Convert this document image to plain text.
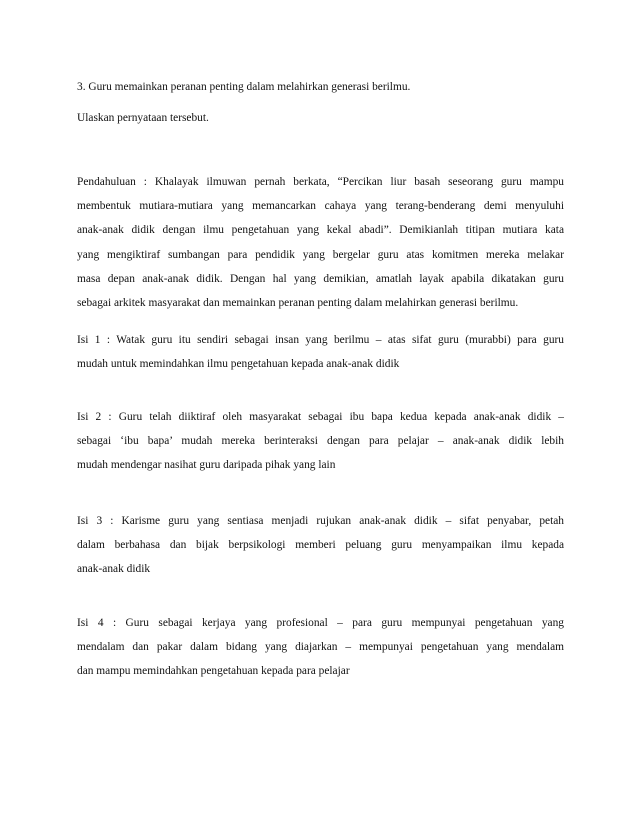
3. Guru memainkan peranan penting dalam melahirkan generasi berilmu.

Ulaskan pernyataan tersebut.

Pendahuluan : Khalayak ilmuwan pernah berkata, “Percikan liur basah seseorang guru mampu
membentuk mutiara-mutiara yang memancarkan cahaya yang terang-benderang demi menyuluhi
anak-anak didik dengan ilmu pengetahuan yang kekal abadi”. Demikianlah titipan mutiara kata
yang mengiktiraf sumbangan para pendidik yang bergelar guru atas komitmen mereka melakar
masa depan anak-anak didik. Dengan hal yang demikian, amatlah layak apabila dikatakan guru
sebagai arkitek masyarakat dan memainkan peranan penting dalam melahirkan generasi berilmu.
Isi 1 : Watak guru itu sendiri sebagai insan yang berilmu – atas sifat guru (murabbi) para guru
mudah untuk memindahkan ilmu pengetahuan kepada anak-anak didik
Isi 2 : Guru telah diiktiraf oleh masyarakat sebagai ibu bapa kedua kepada anak-anak didik –
sebagai ‘ibu bapa’ mudah mereka berinteraksi dengan para pelajar – anak-anak didik lebih
mudah mendengar nasihat guru daripada pihak yang lain
Isi 3 : Karisme guru yang sentiasa menjadi rujukan anak-anak didik – sifat penyabar, petah
dalam berbahasa dan bijak berpsikologi memberi peluang guru menyampaikan ilmu kepada
anak-anak didik
Isi 4 : Guru sebagai kerjaya yang profesional – para guru mempunyai pengetahuan yang
mendalam dan pakar dalam bidang yang diajarkan – mempunyai pengetahuan yang mendalam
dan mampu memindahkan pengetahuan kepada para pelajar
